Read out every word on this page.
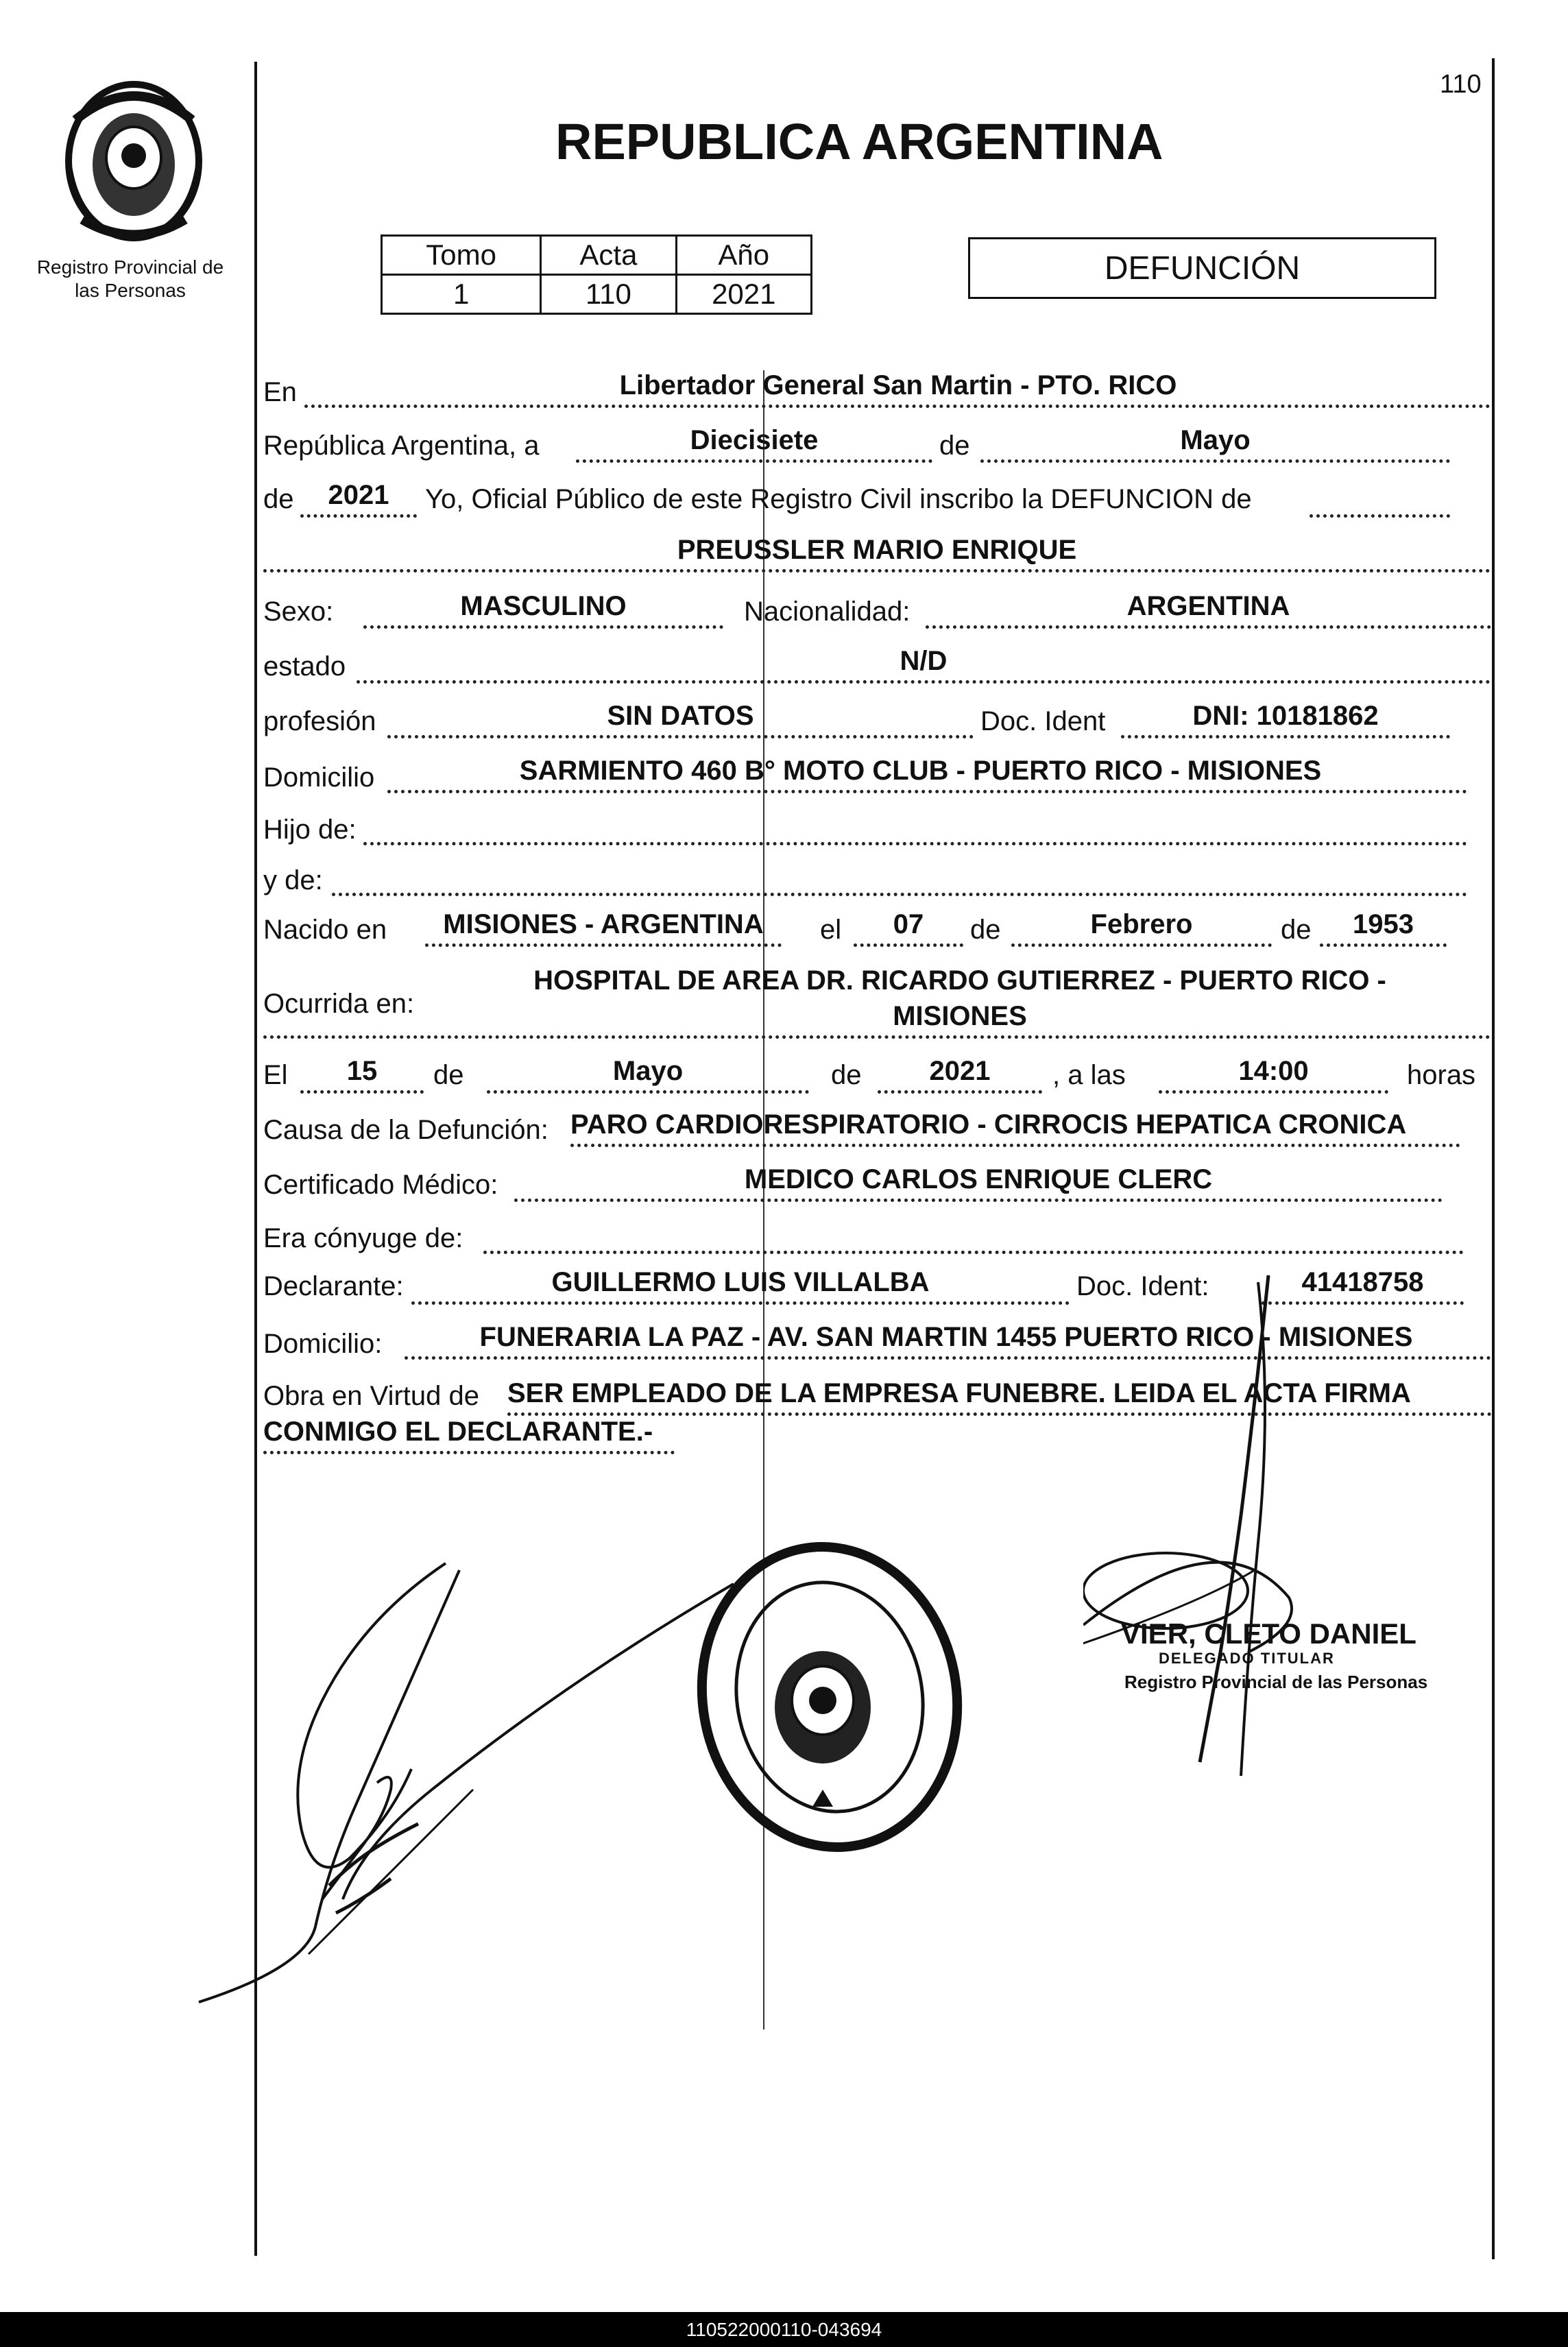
110
Registro Provincial de
las Personas
REPUBLICA ARGENTINA
Tomo	Acta	Año
1	110	2021
DEFUNCIÓN
En	Libertador General San Martin - PTO. RICO
República Argentina, a	Diecisiete	de	Mayo
de	2021	Yo, Oficial Público de este Registro Civil inscribo la DEFUNCION de
PREUSSLER MARIO ENRIQUE
Sexo:	MASCULINO	Nacionalidad:	ARGENTINA
estado	N/D
profesión	SIN DATOS	Doc. Ident	DNI: 10181862
Domicilio	SARMIENTO 460 B° MOTO CLUB - PUERTO RICO - MISIONES
Hijo de:
y de:
Nacido en	MISIONES - ARGENTINA	el	07	de	Febrero	de	1953
Ocurrida en:
HOSPITAL DE AREA DR. RICARDO GUTIERREZ - PUERTO RICO -
MISIONES
El	15	de	Mayo	de	2021	, a las	14:00	horas
Causa de la Defunción: PARO CARDIORESPIRATORIO - CIRROCIS HEPATICA CRONICA
Certificado Médico:	MEDICO CARLOS ENRIQUE CLERC
Era cónyuge de:
Declarante:	GUILLERMO LUIS VILLALBA	Doc. Ident:	41418758
Domicilio:	FUNERARIA LA PAZ - AV. SAN MARTIN 1455 PUERTO RICO - MISIONES
Obra en Virtud de SER EMPLEADO DE LA EMPRESA FUNEBRE. LEIDA EL ACTA FIRMA
CONMIGO EL DECLARANTE.-
VIER, CLETO DANIEL
DELEGADO TITULAR
Registro Provincial de las Personas
110522000110-043694
